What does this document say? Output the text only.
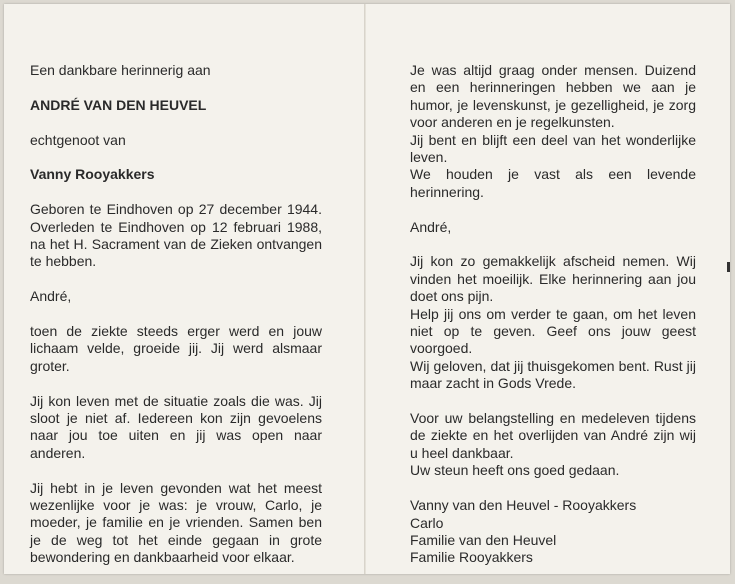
Een dankbare herinnerig aan

ANDRÉ VAN DEN HEUVEL

echtgenoot van

Vanny Rooyakkers

Geboren te Eindhoven op 27 december 1944. Overleden te Eindhoven op 12 februari 1988, na het H. Sacrament van de Zieken ontvangen te hebben.

André,

toen de ziekte steeds erger werd en jouw lichaam velde, groeide jij. Jij werd alsmaar groter.

Jij kon leven met de situatie zoals die was. Jij sloot je niet af. Iedereen kon zijn gevoelens naar jou toe uiten en jij was open naar anderen.

Jij hebt in je leven gevonden wat het meest wezenlijke voor je was: je vrouw, Carlo, je moeder, je familie en je vrienden. Samen ben je de weg tot het einde gegaan in grote bewondering en dankbaarheid voor elkaar.

Je was altijd graag onder mensen. Duizend en een herinneringen hebben we aan je humor, je levenskunst, je gezelligheid, je zorg voor anderen en je regelkunsten.
Jij bent en blijft een deel van het wonderlijke leven.
We houden je vast als een levende herinnering.

André,

Jij kon zo gemakkelijk afscheid nemen. Wij vinden het moeilijk. Elke herinnering aan jou doet ons pijn.
Help jij ons om verder te gaan, om het leven niet op te geven. Geef ons jouw geest voorgoed.
Wij geloven, dat jij thuisgekomen bent. Rust jij maar zacht in Gods Vrede.
Voor uw belangstelling en medeleven tijdens de ziekte en het overlijden van André zijn wij u heel dankbaar.
Uw steun heeft ons goed gedaan.
Vanny van den Heuvel - Rooyakkers
Carlo
Familie van den Heuvel
Familie Rooyakkers
